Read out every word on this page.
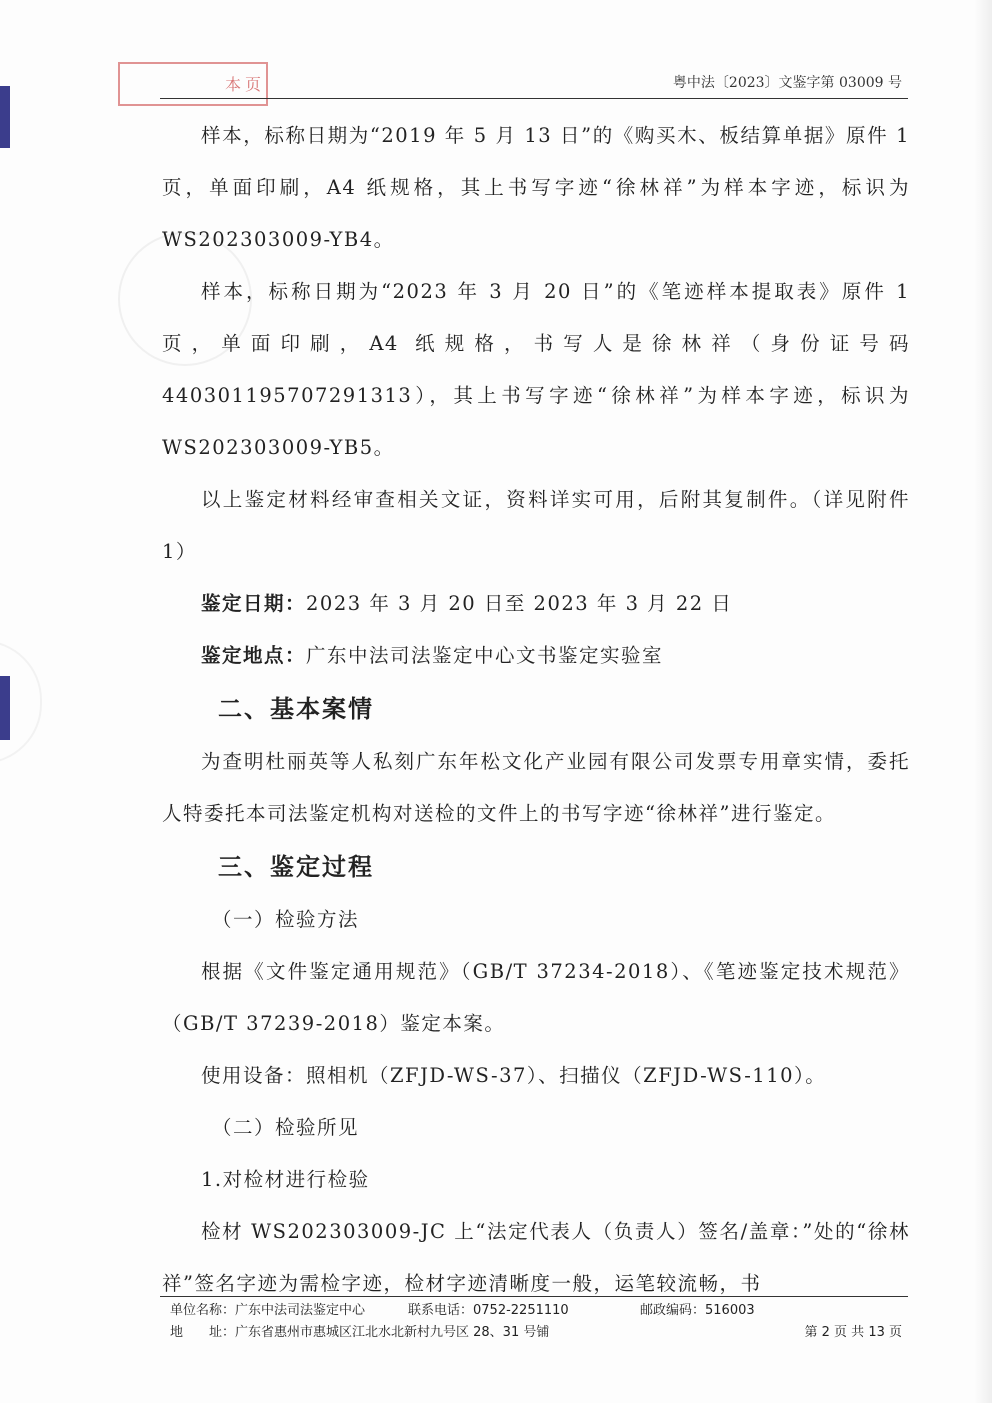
本页	粤中法〔2023〕文鉴字第 03009 号

样本，标称日期为“2019 年 5 月 13 日”的《购买木、板结算单据》原件 1 页，单面印刷，A4 纸规格，其上书写字迹“徐林祥”为样本字迹，标识为 WS202303009-YB4。

样本，标称日期为“2023 年 3 月 20 日”的《笔迹样本提取表》原件 1 页，单面印刷，A4 纸规格，书写人是徐林祥（身份证号码 440301195707291313），其上书写字迹“徐林祥”为样本字迹，标识为 WS202303009-YB5。

以上鉴定材料经审查相关文证，资料详实可用，后附其复制件。（详见附件 1）

鉴定日期：2023 年 3 月 20 日至 2023 年 3 月 22 日

鉴定地点：广东中法司法鉴定中心文书鉴定实验室

二、基本案情

为查明杜丽英等人私刻广东年松文化产业园有限公司发票专用章实情，委托人特委托本司法鉴定机构对送检的文件上的书写字迹“徐林祥”进行鉴定。

三、鉴定过程

（一）检验方法

根据《文件鉴定通用规范》（GB/T 37234-2018）、《笔迹鉴定技术规范》（GB/T 37239-2018）鉴定本案。

使用设备：照相机（ZFJD-WS-37）、扫描仪（ZFJD-WS-110）。

（二）检验所见

1.对检材进行检验

检材 WS202303009-JC 上“法定代表人（负责人）签名/盖章：”处的“徐林祥”签名字迹为需检字迹，检材字迹清晰度一般，运笔较流畅，书

单位名称：广东中法司法鉴定中心	联系电话：0752-2251110	邮政编码：516003
地　　址：广东省惠州市惠城区江北水北新村九号区 28、31 号铺	第 2 页 共 13 页
